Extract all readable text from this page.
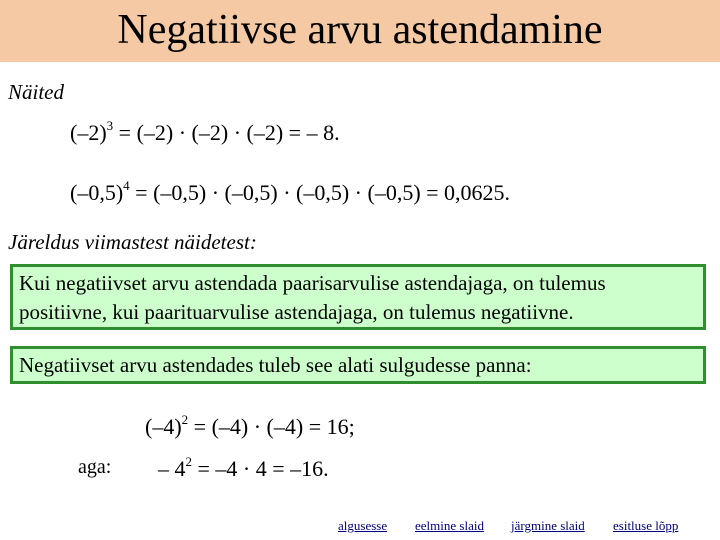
Negatiivse arvu astendamine
Näited
$(-2)^3 = (-2) \cdot (-2) \cdot (-2)$ = – 8.
$(-0,5)^4 = (-0,5) \cdot (-0,5) \cdot (-0,5) \cdot (-0,5) = 0,0625$.
Järeldus viimastest näidetest:
Kui negatiivset arvu astendada paarisarvulise astendajaga, on tulemus positiivne, kui paarituarvulise astendajaga, on tulemus negatiivne.
Negatiivset arvu astendades tuleb see alati sulgudesse panna:
$(-4)^2 = (-4) \cdot (-4) = 16$;
aga: – $4^2 = -4 \cdot 4 = -16$.
algusesse eelmine slaid järgmine slaid esitluse lõpp
